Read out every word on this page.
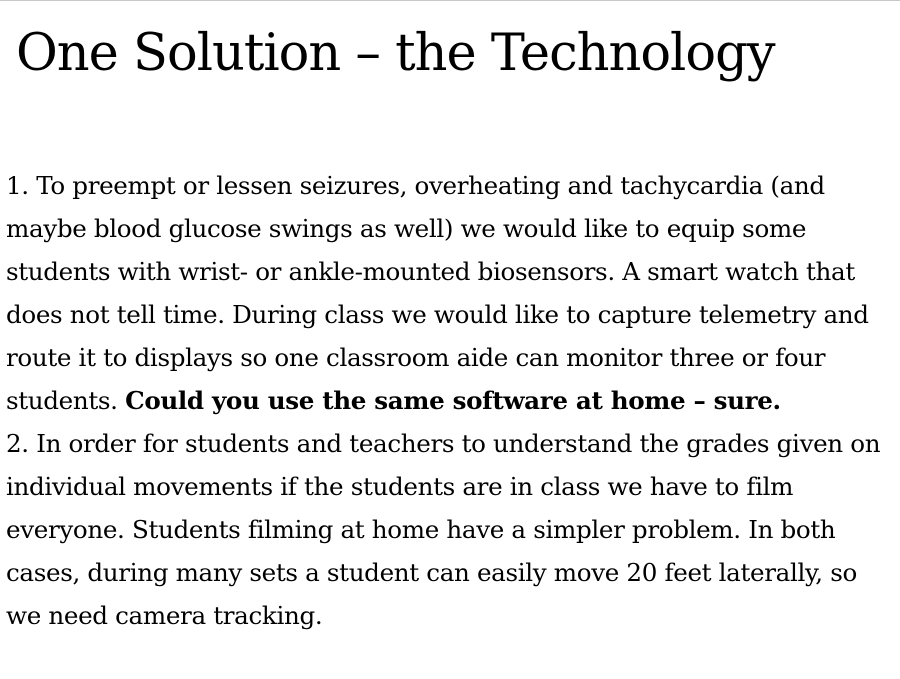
One Solution – the Technology

1. To preempt or lessen seizures, overheating and tachycardia (and maybe blood glucose swings as well) we would like to equip some students with wrist- or ankle-mounted biosensors. A smart watch that does not tell time. During class we would like to capture telemetry and route it to displays so one classroom aide can monitor three or four students. Could you use the same software at home – sure.

2. In order for students and teachers to understand the grades given on individual movements if the students are in class we have to film everyone. Students filming at home have a simpler problem. In both cases, during many sets a student can easily move 20 feet laterally, so we need camera tracking.
